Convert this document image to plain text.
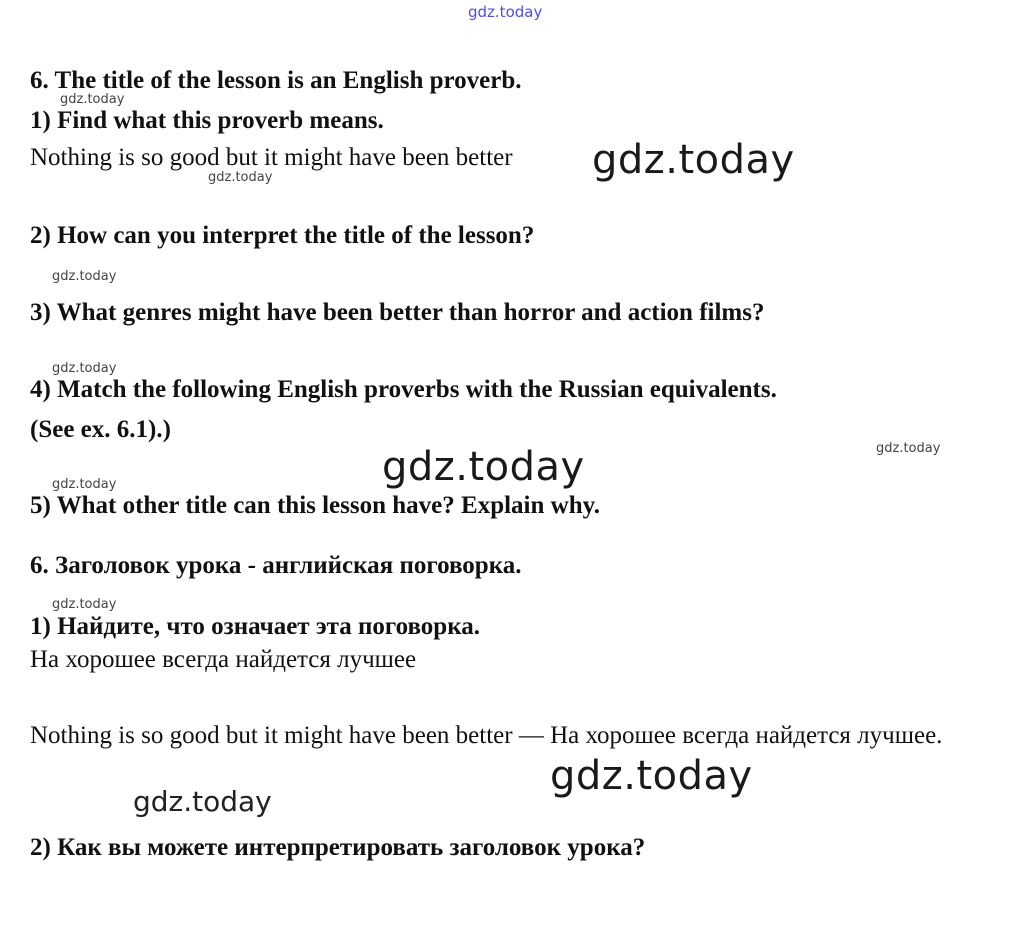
gdz.today
6. The title of the lesson is an English proverb.
gdz.today
1) Find what this proverb means.
Nothing is so good but it might have been better gdz.today
gdz.today
2) How can you interpret the title of the lesson?
gdz.today
3) What genres might have been better than horror and action films?
gdz.today
4) Match the following English proverbs with the Russian equivalents.
(See ex. 6.1).)
gdz.today
gdz.today
gdz.today
5) What other title can this lesson have? Explain why.
6. Заголовок урока - английская поговорка.
gdz.today
1) Найдите, что означает эта поговорка.
На хорошее всегда найдется лучшее
Nothing is so good but it might have been better — На хорошее всегда найдется лучшее.
gdz.today
gdz.today
2) Как вы можете интерпретировать заголовок урока?
